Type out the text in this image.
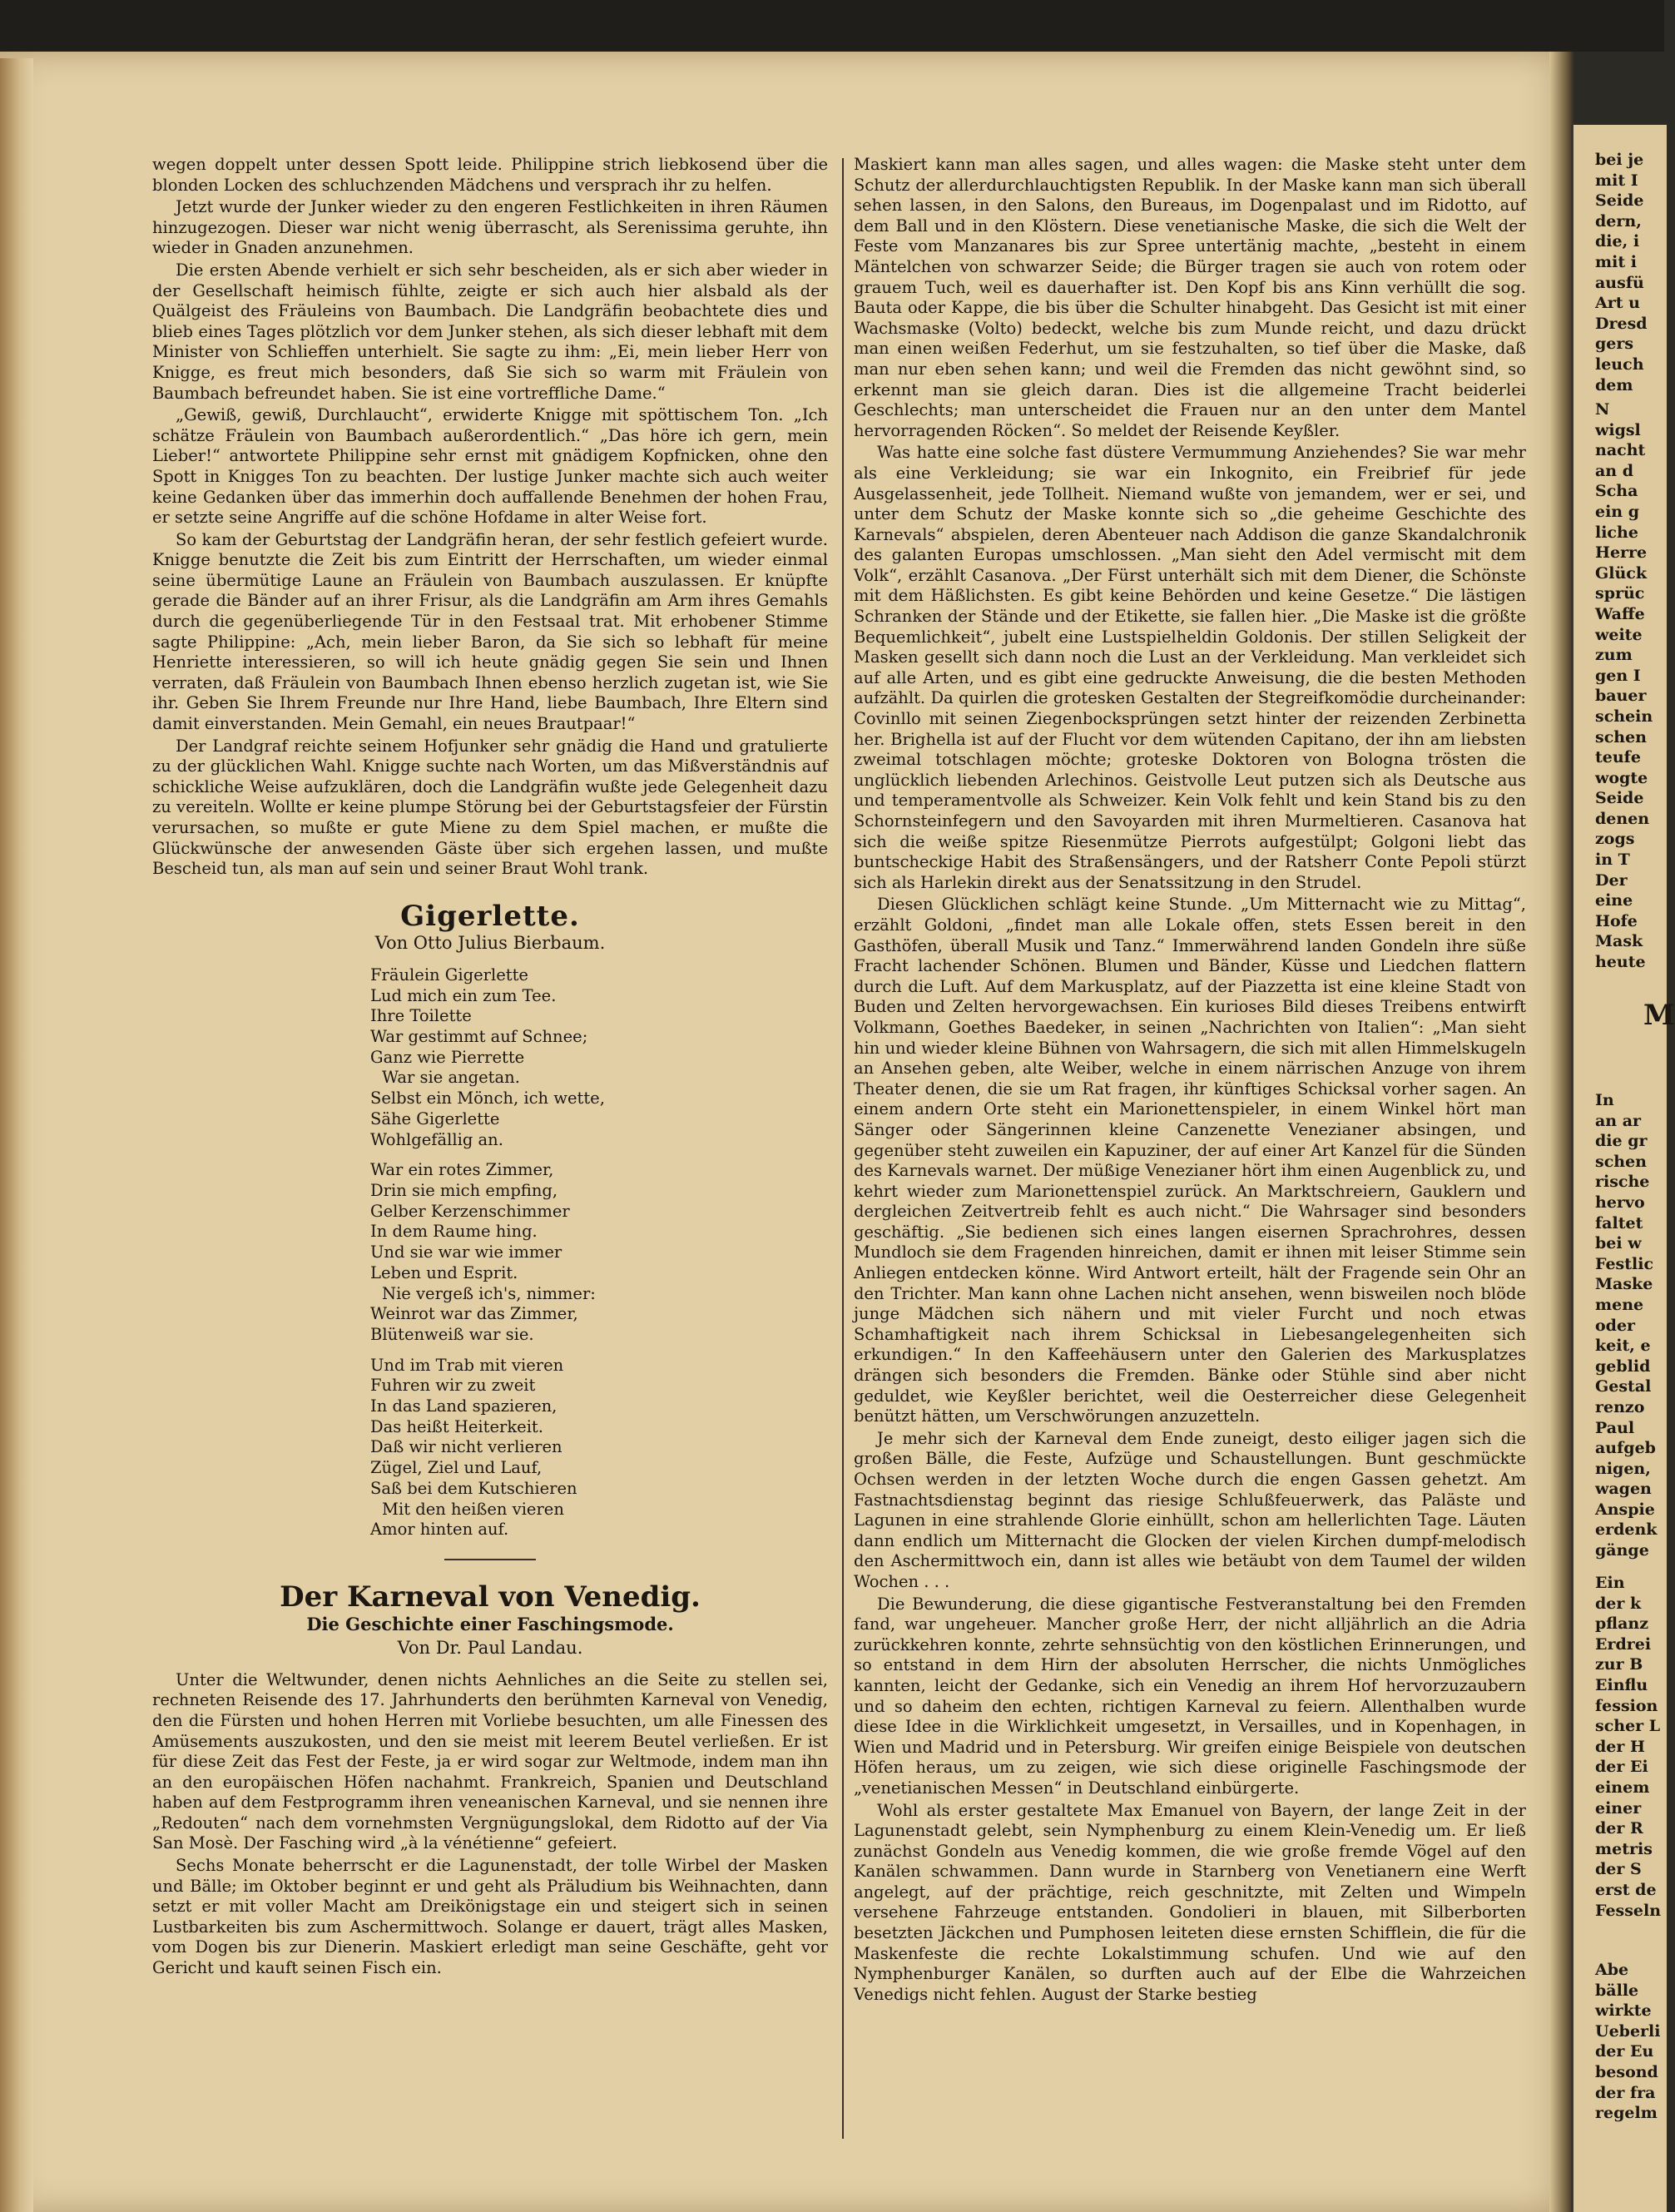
wegen doppelt unter dessen Spott leide. Philippine strich liebkosend über die blonden Locken des schluchzenden Mädchens und versprach ihr zu helfen.

Jetzt wurde der Junker wieder zu den engeren Festlichkeiten in ihren Räumen hinzugezogen. Dieser war nicht wenig überrascht, als Serenissima geruhte, ihn wieder in Gnaden anzunehmen.

Die ersten Abende verhielt er sich sehr bescheiden, als er sich aber wieder in der Gesellschaft heimisch fühlte, zeigte er sich auch hier alsbald als der Quälgeist des Fräuleins von Baumbach. Die Landgräfin beobachtete dies und blieb eines Tages plötzlich vor dem Junker stehen, als sich dieser lebhaft mit dem Minister von Schlieffen unterhielt. Sie sagte zu ihm: „Ei, mein lieber Herr von Knigge, es freut mich besonders, daß Sie sich so warm mit Fräulein von Baumbach befreundet haben. Sie ist eine vortreffliche Dame.“

„Gewiß, gewiß, Durchlaucht“, erwiderte Knigge mit spöttischem Ton. „Ich schätze Fräulein von Baumbach außerordentlich.“ „Das höre ich gern, mein Lieber!“ antwortete Philippine sehr ernst mit gnädigem Kopfnicken, ohne den Spott in Knigges Ton zu beachten. Der lustige Junker machte sich auch weiter keine Gedanken über das immerhin doch auffallende Benehmen der hohen Frau, er setzte seine Angriffe auf die schöne Hofdame in alter Weise fort.

So kam der Geburtstag der Landgräfin heran, der sehr festlich gefeiert wurde. Knigge benutzte die Zeit bis zum Eintritt der Herrschaften, um wieder einmal seine übermütige Laune an Fräulein von Baumbach auszulassen. Er knüpfte gerade die Bänder auf an ihrer Frisur, als die Landgräfin am Arm ihres Gemahls durch die gegenüberliegende Tür in den Festsaal trat. Mit erhobener Stimme sagte Philippine: „Ach, mein lieber Baron, da Sie sich so lebhaft für meine Henriette interessieren, so will ich heute gnädig gegen Sie sein und Ihnen verraten, daß Fräulein von Baumbach Ihnen ebenso herzlich zugetan ist, wie Sie ihr. Geben Sie Ihrem Freunde nur Ihre Hand, liebe Baumbach, Ihre Eltern sind damit einverstanden. Mein Gemahl, ein neues Brautpaar!“

Der Landgraf reichte seinem Hofjunker sehr gnädig die Hand und gratulierte zu der glücklichen Wahl. Knigge suchte nach Worten, um das Mißverständnis auf schickliche Weise aufzuklären, doch die Landgräfin wußte jede Gelegenheit dazu zu vereiteln. Wollte er keine plumpe Störung bei der Geburtstagsfeier der Fürstin verursachen, so mußte er gute Miene zu dem Spiel machen, er mußte die Glückwünsche der anwesenden Gäste über sich ergehen lassen, und mußte Bescheid tun, als man auf sein und seiner Braut Wohl trank.

Gigerlette.
Von Otto Julius Bierbaum.
Fräulein Gigerlette
Lud mich ein zum Tee.
Ihre Toilette
War gestimmt auf Schnee;
Ganz wie Pierrette
War sie angetan.
Selbst ein Mönch, ich wette,
Sähe Gigerlette
Wohlgefällig an.
War ein rotes Zimmer,
Drin sie mich empfing,
Gelber Kerzenschimmer
In dem Raume hing.
Und sie war wie immer
Leben und Esprit.
Nie vergeß ich's, nimmer:
Weinrot war das Zimmer,
Blütenweiß war sie.
Und im Trab mit vieren
Fuhren wir zu zweit
In das Land spazieren,
Das heißt Heiterkeit.
Daß wir nicht verlieren
Zügel, Ziel und Lauf,
Saß bei dem Kutschieren
Mit den heißen vieren
Amor hinten auf.
Der Karneval von Venedig.
Die Geschichte einer Faschingsmode.
Von Dr. Paul Landau.

Unter die Weltwunder, denen nichts Aehnliches an die Seite zu stellen sei, rechneten Reisende des 17. Jahrhunderts den berühmten Karneval von Venedig, den die Fürsten und hohen Herren mit Vorliebe besuchten, um alle Finessen des Amüsements auszukosten, und den sie meist mit leerem Beutel verließen. Er ist für diese Zeit das Fest der Feste, ja er wird sogar zur Weltmode, indem man ihn an den europäischen Höfen nachahmt. Frankreich, Spanien und Deutschland haben auf dem Festprogramm ihren veneanischen Karneval, und sie nennen ihre „Redouten“ nach dem vornehmsten Vergnügungslokal, dem Ridotto auf der Via San Mosè. Der Fasching wird „à la vénétienne“ gefeiert.

Sechs Monate beherrscht er die Lagunenstadt, der tolle Wirbel der Masken und Bälle; im Oktober beginnt er und geht als Präludium bis Weihnachten, dann setzt er mit voller Macht am Dreikönigstage ein und steigert sich in seinen Lustbarkeiten bis zum Aschermittwoch. Solange er dauert, trägt alles Masken, vom Dogen bis zur Dienerin. Maskiert erledigt man seine Geschäfte, geht vor Gericht und kauft seinen Fisch ein.

Maskiert kann man alles sagen, und alles wagen: die Maske steht unter dem Schutz der allerdurchlauchtigsten Republik. In der Maske kann man sich überall sehen lassen, in den Salons, den Bureaus, im Dogenpalast und im Ridotto, auf dem Ball und in den Klöstern. Diese venetianische Maske, die sich die Welt der Feste vom Manzanares bis zur Spree untertänig machte, „besteht in einem Mäntelchen von schwarzer Seide; die Bürger tragen sie auch von rotem oder grauem Tuch, weil es dauerhafter ist. Den Kopf bis ans Kinn verhüllt die sog. Bauta oder Kappe, die bis über die Schulter hinabgeht. Das Gesicht ist mit einer Wachsmaske (Volto) bedeckt, welche bis zum Munde reicht, und dazu drückt man einen weißen Federhut, um sie festzuhalten, so tief über die Maske, daß man nur eben sehen kann; und weil die Fremden das nicht gewöhnt sind, so erkennt man sie gleich daran. Dies ist die allgemeine Tracht beiderlei Geschlechts; man unterscheidet die Frauen nur an den unter dem Mantel hervorragenden Röcken“. So meldet der Reisende Keyßler.

Was hatte eine solche fast düstere Vermummung Anziehendes? Sie war mehr als eine Verkleidung; sie war ein Inkognito, ein Freibrief für jede Ausgelassenheit, jede Tollheit. Niemand wußte von jemandem, wer er sei, und unter dem Schutz der Maske konnte sich so „die geheime Geschichte des Karnevals“ abspielen, deren Abenteuer nach Addison die ganze Skandalchronik des galanten Europas umschlossen. „Man sieht den Adel vermischt mit dem Volk“, erzählt Casanova. „Der Fürst unterhält sich mit dem Diener, die Schönste mit dem Häßlichsten. Es gibt keine Behörden und keine Gesetze.“ Die lästigen Schranken der Stände und der Etikette, sie fallen hier. „Die Maske ist die größte Bequemlichkeit“, jubelt eine Lustspielheldin Goldonis. Der stillen Seligkeit der Masken gesellt sich dann noch die Lust an der Verkleidung. Man verkleidet sich auf alle Arten, und es gibt eine gedruckte Anweisung, die die besten Methoden aufzählt. Da quirlen die grotesken Gestalten der Stegreifkomödie durcheinander: Covinllo mit seinen Ziegenbocksprüngen setzt hinter der reizenden Zerbinetta her. Brighella ist auf der Flucht vor dem wütenden Capitano, der ihn am liebsten zweimal totschlagen möchte; groteske Doktoren von Bologna trösten die unglücklich liebenden Arlechinos. Geistvolle Leut putzen sich als Deutsche aus und temperamentvolle als Schweizer. Kein Volk fehlt und kein Stand bis zu den Schornsteinfegern und den Savoyarden mit ihren Murmeltieren. Casanova hat sich die weiße spitze Riesenmütze Pierrots aufgestülpt; Golgoni liebt das buntscheckige Habit des Straßensängers, und der Ratsherr Conte Pepoli stürzt sich als Harlekin direkt aus der Senatssitzung in den Strudel.

Diesen Glücklichen schlägt keine Stunde. „Um Mitternacht wie zu Mittag“, erzählt Goldoni, „findet man alle Lokale offen, stets Essen bereit in den Gasthöfen, überall Musik und Tanz.“ Immerwährend landen Gondeln ihre süße Fracht lachender Schönen. Blumen und Bänder, Küsse und Liedchen flattern durch die Luft. Auf dem Markusplatz, auf der Piazzetta ist eine kleine Stadt von Buden und Zelten hervorgewachsen. Ein kurioses Bild dieses Treibens entwirft Volkmann, Goethes Baedeker, in seinen „Nachrichten von Italien“: „Man sieht hin und wieder kleine Bühnen von Wahrsagern, die sich mit allen Himmelskugeln an Ansehen geben, alte Weiber, welche in einem närrischen Anzuge von ihrem Theater denen, die sie um Rat fragen, ihr künftiges Schicksal vorher sagen. An einem andern Orte steht ein Marionettenspieler, in einem Winkel hört man Sänger oder Sängerinnen kleine Canzenette Venezianer absingen, und gegenüber steht zuweilen ein Kapuziner, der auf einer Art Kanzel für die Sünden des Karnevals warnet. Der müßige Venezianer hört ihm einen Augenblick zu, und kehrt wieder zum Marionettenspiel zurück. An Marktschreiern, Gauklern und dergleichen Zeitvertreib fehlt es auch nicht.“ Die Wahrsager sind besonders geschäftig. „Sie bedienen sich eines langen eisernen Sprachrohres, dessen Mundloch sie dem Fragenden hinreichen, damit er ihnen mit leiser Stimme sein Anliegen entdecken könne. Wird Antwort erteilt, hält der Fragende sein Ohr an den Trichter. Man kann ohne Lachen nicht ansehen, wenn bisweilen noch blöde junge Mädchen sich nähern und mit vieler Furcht und noch etwas Schamhaftigkeit nach ihrem Schicksal in Liebesangelegenheiten sich erkundigen.“ In den Kaffeehäusern unter den Galerien des Markusplatzes drängen sich besonders die Fremden. Bänke oder Stühle sind aber nicht geduldet, wie Keyßler berichtet, weil die Oesterreicher diese Gelegenheit benützt hätten, um Verschwörungen anzuzetteln.

Je mehr sich der Karneval dem Ende zuneigt, desto eiliger jagen sich die großen Bälle, die Feste, Aufzüge und Schaustellungen. Bunt geschmückte Ochsen werden in der letzten Woche durch die engen Gassen gehetzt. Am Fastnachtsdienstag beginnt das riesige Schlußfeuerwerk, das Paläste und Lagunen in eine strahlende Glorie einhüllt, schon am hellerlichten Tage. Läuten dann endlich um Mitternacht die Glocken der vielen Kirchen dumpf-melodisch den Aschermittwoch ein, dann ist alles wie betäubt von dem Taumel der wilden Wochen . . .

Die Bewunderung, die diese gigantische Festveranstaltung bei den Fremden fand, war ungeheuer. Mancher große Herr, der nicht alljährlich an die Adria zurückkehren konnte, zehrte sehnsüchtig von den köstlichen Erinnerungen, und so entstand in dem Hirn der absoluten Herrscher, die nichts Unmögliches kannten, leicht der Gedanke, sich ein Venedig an ihrem Hof hervorzuzaubern und so daheim den echten, richtigen Karneval zu feiern. Allenthalben wurde diese Idee in die Wirklichkeit umgesetzt, in Versailles, und in Kopenhagen, in Wien und Madrid und in Petersburg. Wir greifen einige Beispiele von deutschen Höfen heraus, um zu zeigen, wie sich diese originelle Faschingsmode der „venetianischen Messen“ in Deutschland einbürgerte.

Wohl als erster gestaltete Max Emanuel von Bayern, der lange Zeit in der Lagunenstadt gelebt, sein Nymphenburg zu einem Klein-Venedig um. Er ließ zunächst Gondeln aus Venedig kommen, die wie große fremde Vögel auf den Kanälen schwammen. Dann wurde in Starnberg von Venetianern eine Werft angelegt, auf der prächtige, reich geschnitzte, mit Zelten und Wimpeln versehene Fahrzeuge entstanden. Gondolieri in blauen, mit Silberborten besetzten Jäckchen und Pumphosen leiteten diese ernsten Schifflein, die für die Maskenfeste die rechte Lokalstimmung schufen. Und wie auf den Nymphenburger Kanälen, so durften auch auf der Elbe die Wahrzeichen Venedigs nicht fehlen. August der Starke bestieg

bei je
mit I
Seide
dern,
die, i
mit i
ausfü
Art u
Dresd
gers
leuch
dem
N
wigsl
nacht
an d
Scha
ein g
liche
Herre
Glück
sprüc
Waffe
weite
zum
gen I
bauer
schein
schen
teufe
wogte
Seide
denen
zogs
in T
Der
eine
Hofe
Mask
heute
M
In
an ar
die gr
schen
rische
hervo
faltet
bei w
Festlic
Maske
mene
oder
keit, e
geblid
Gestal
renzo
Paul
aufgeb
nigen,
wagen
Anspie
erdenk
gänge
Ein
der k
pflanz
Erdrei
zur B
Einflu
fession
scher L
der H
der Ei
einem
einer
der R
metris
der S
erst de
Fesseln
Abe
bälle
wirkte
Ueberli
der Eu
besond
der fra
regelm
